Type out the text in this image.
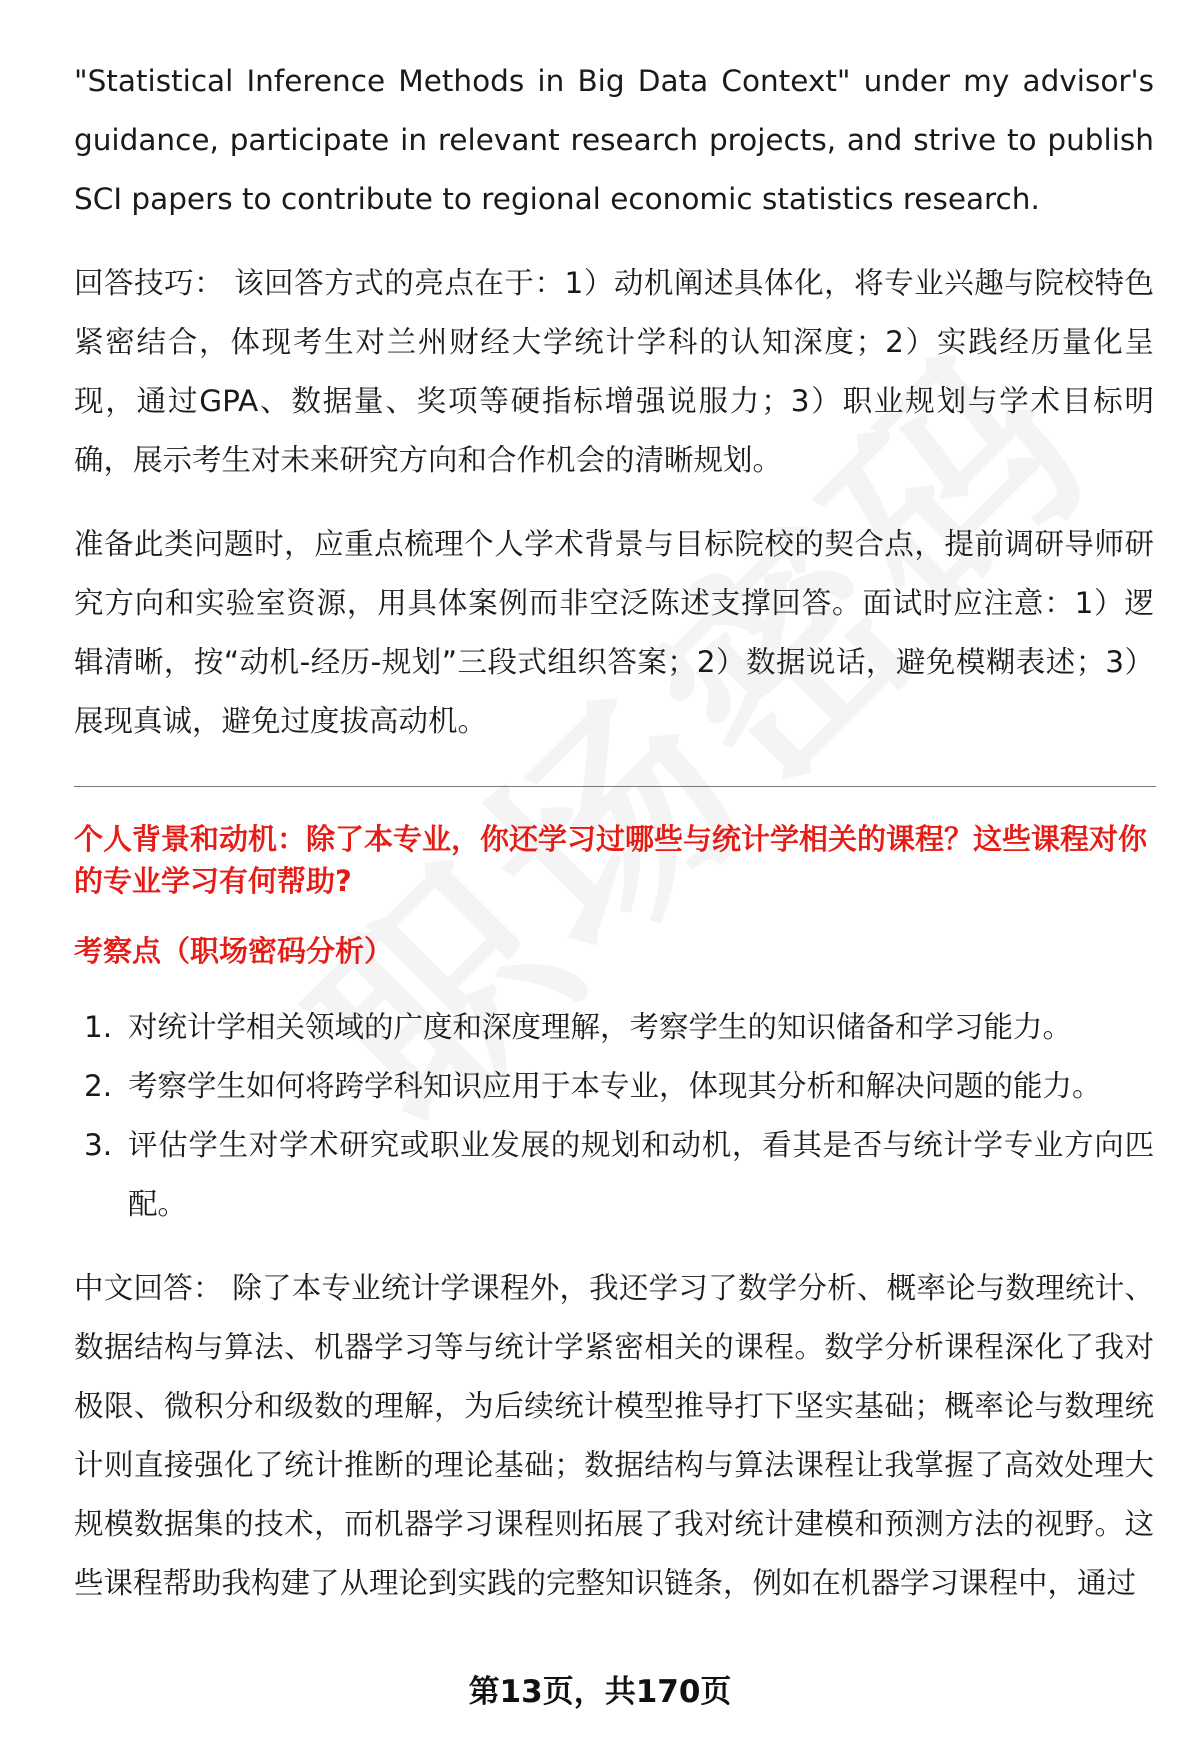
"Statistical Inference Methods in Big Data Context" under my advisor's guidance, participate in relevant research projects, and strive to publish SCI papers to contribute to regional economic statistics research.

回答技巧： 该回答方式的亮点在于：1）动机阐述具体化，将专业兴趣与院校特色紧密结合，体现考生对兰州财经大学统计学科的认知深度；2）实践经历量化呈现，通过GPA、数据量、奖项等硬指标增强说服力；3）职业规划与学术目标明确，展示考生对未来研究方向和合作机会的清晰规划。

准备此类问题时，应重点梳理个人学术背景与目标院校的契合点，提前调研导师研究方向和实验室资源，用具体案例而非空泛陈述支撑回答。面试时应注意：1）逻辑清晰，按“动机-经历-规划”三段式组织答案；2）数据说话，避免模糊表述；3）展现真诚，避免过度拔高动机。

个人背景和动机：除了本专业，你还学习过哪些与统计学相关的课程？这些课程对你的专业学习有何帮助?

考察点（职场密码分析）

1. 对统计学相关领域的广度和深度理解，考察学生的知识储备和学习能力。
2. 考察学生如何将跨学科知识应用于本专业，体现其分析和解决问题的能力。
3. 评估学生对学术研究或职业发展的规划和动机，看其是否与统计学专业方向匹配。

中文回答： 除了本专业统计学课程外，我还学习了数学分析、概率论与数理统计、数据结构与算法、机器学习等与统计学紧密相关的课程。数学分析课程深化了我对极限、微积分和级数的理解，为后续统计模型推导打下坚实基础；概率论与数理统计则直接强化了统计推断的理论基础；数据结构与算法课程让我掌握了高效处理大规模数据集的技术，而机器学习课程则拓展了我对统计建模和预测方法的视野。这些课程帮助我构建了从理论到实践的完整知识链条，例如在机器学习课程中，通过

第13页，共170页
